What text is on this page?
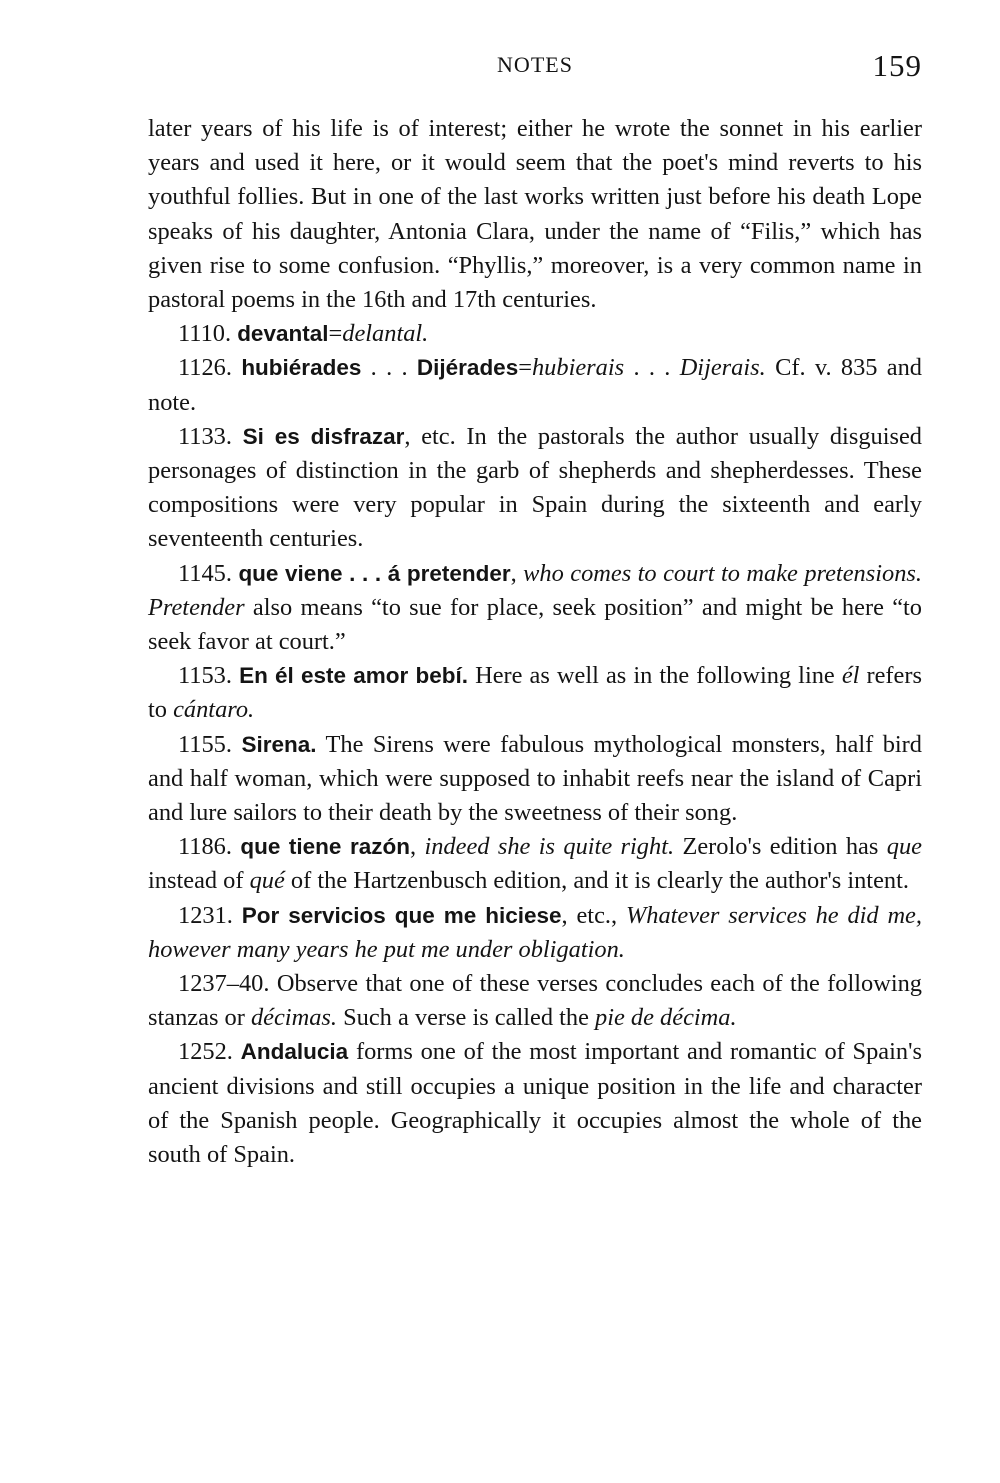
NOTES	159

later years of his life is of interest; either he wrote the sonnet in his earlier years and used it here, or it would seem that the poet's mind reverts to his youthful follies. But in one of the last works written just before his death Lope speaks of his daughter, Antonia Clara, under the name of “Filis,” which has given rise to some confusion. “Phyllis,” moreover, is a very common name in pastoral poems in the 16th and 17th centuries.

1110. devantal=delantal.

1126. hubiérades . . . Dijérades=hubierais . . . Dijerais. Cf. v. 835 and note.

1133. Si es disfrazar, etc. In the pastorals the author usually disguised personages of distinction in the garb of shepherds and shepherdesses. These compositions were very popular in Spain during the sixteenth and early seventeenth centuries.

1145. que viene . . . á pretender, who comes to court to make pretensions. Pretender also means “to sue for place, seek position” and might be here “to seek favor at court.”

1153. En él este amor bebí. Here as well as in the following line él refers to cántaro.

1155. Sirena. The Sirens were fabulous mythological monsters, half bird and half woman, which were supposed to inhabit reefs near the island of Capri and lure sailors to their death by the sweetness of their song.

1186. que tiene razón, indeed she is quite right. Zerolo's edition has que instead of qué of the Hartzenbusch edition, and it is clearly the author's intent.

1231. Por servicios que me hiciese, etc., Whatever services he did me, however many years he put me under obligation.

1237–40. Observe that one of these verses concludes each of the following stanzas or décimas. Such a verse is called the pie de décima.

1252. Andalucia forms one of the most important and romantic of Spain's ancient divisions and still occupies a unique position in the life and character of the Spanish people. Geographically it occupies almost the whole of the south of Spain.
